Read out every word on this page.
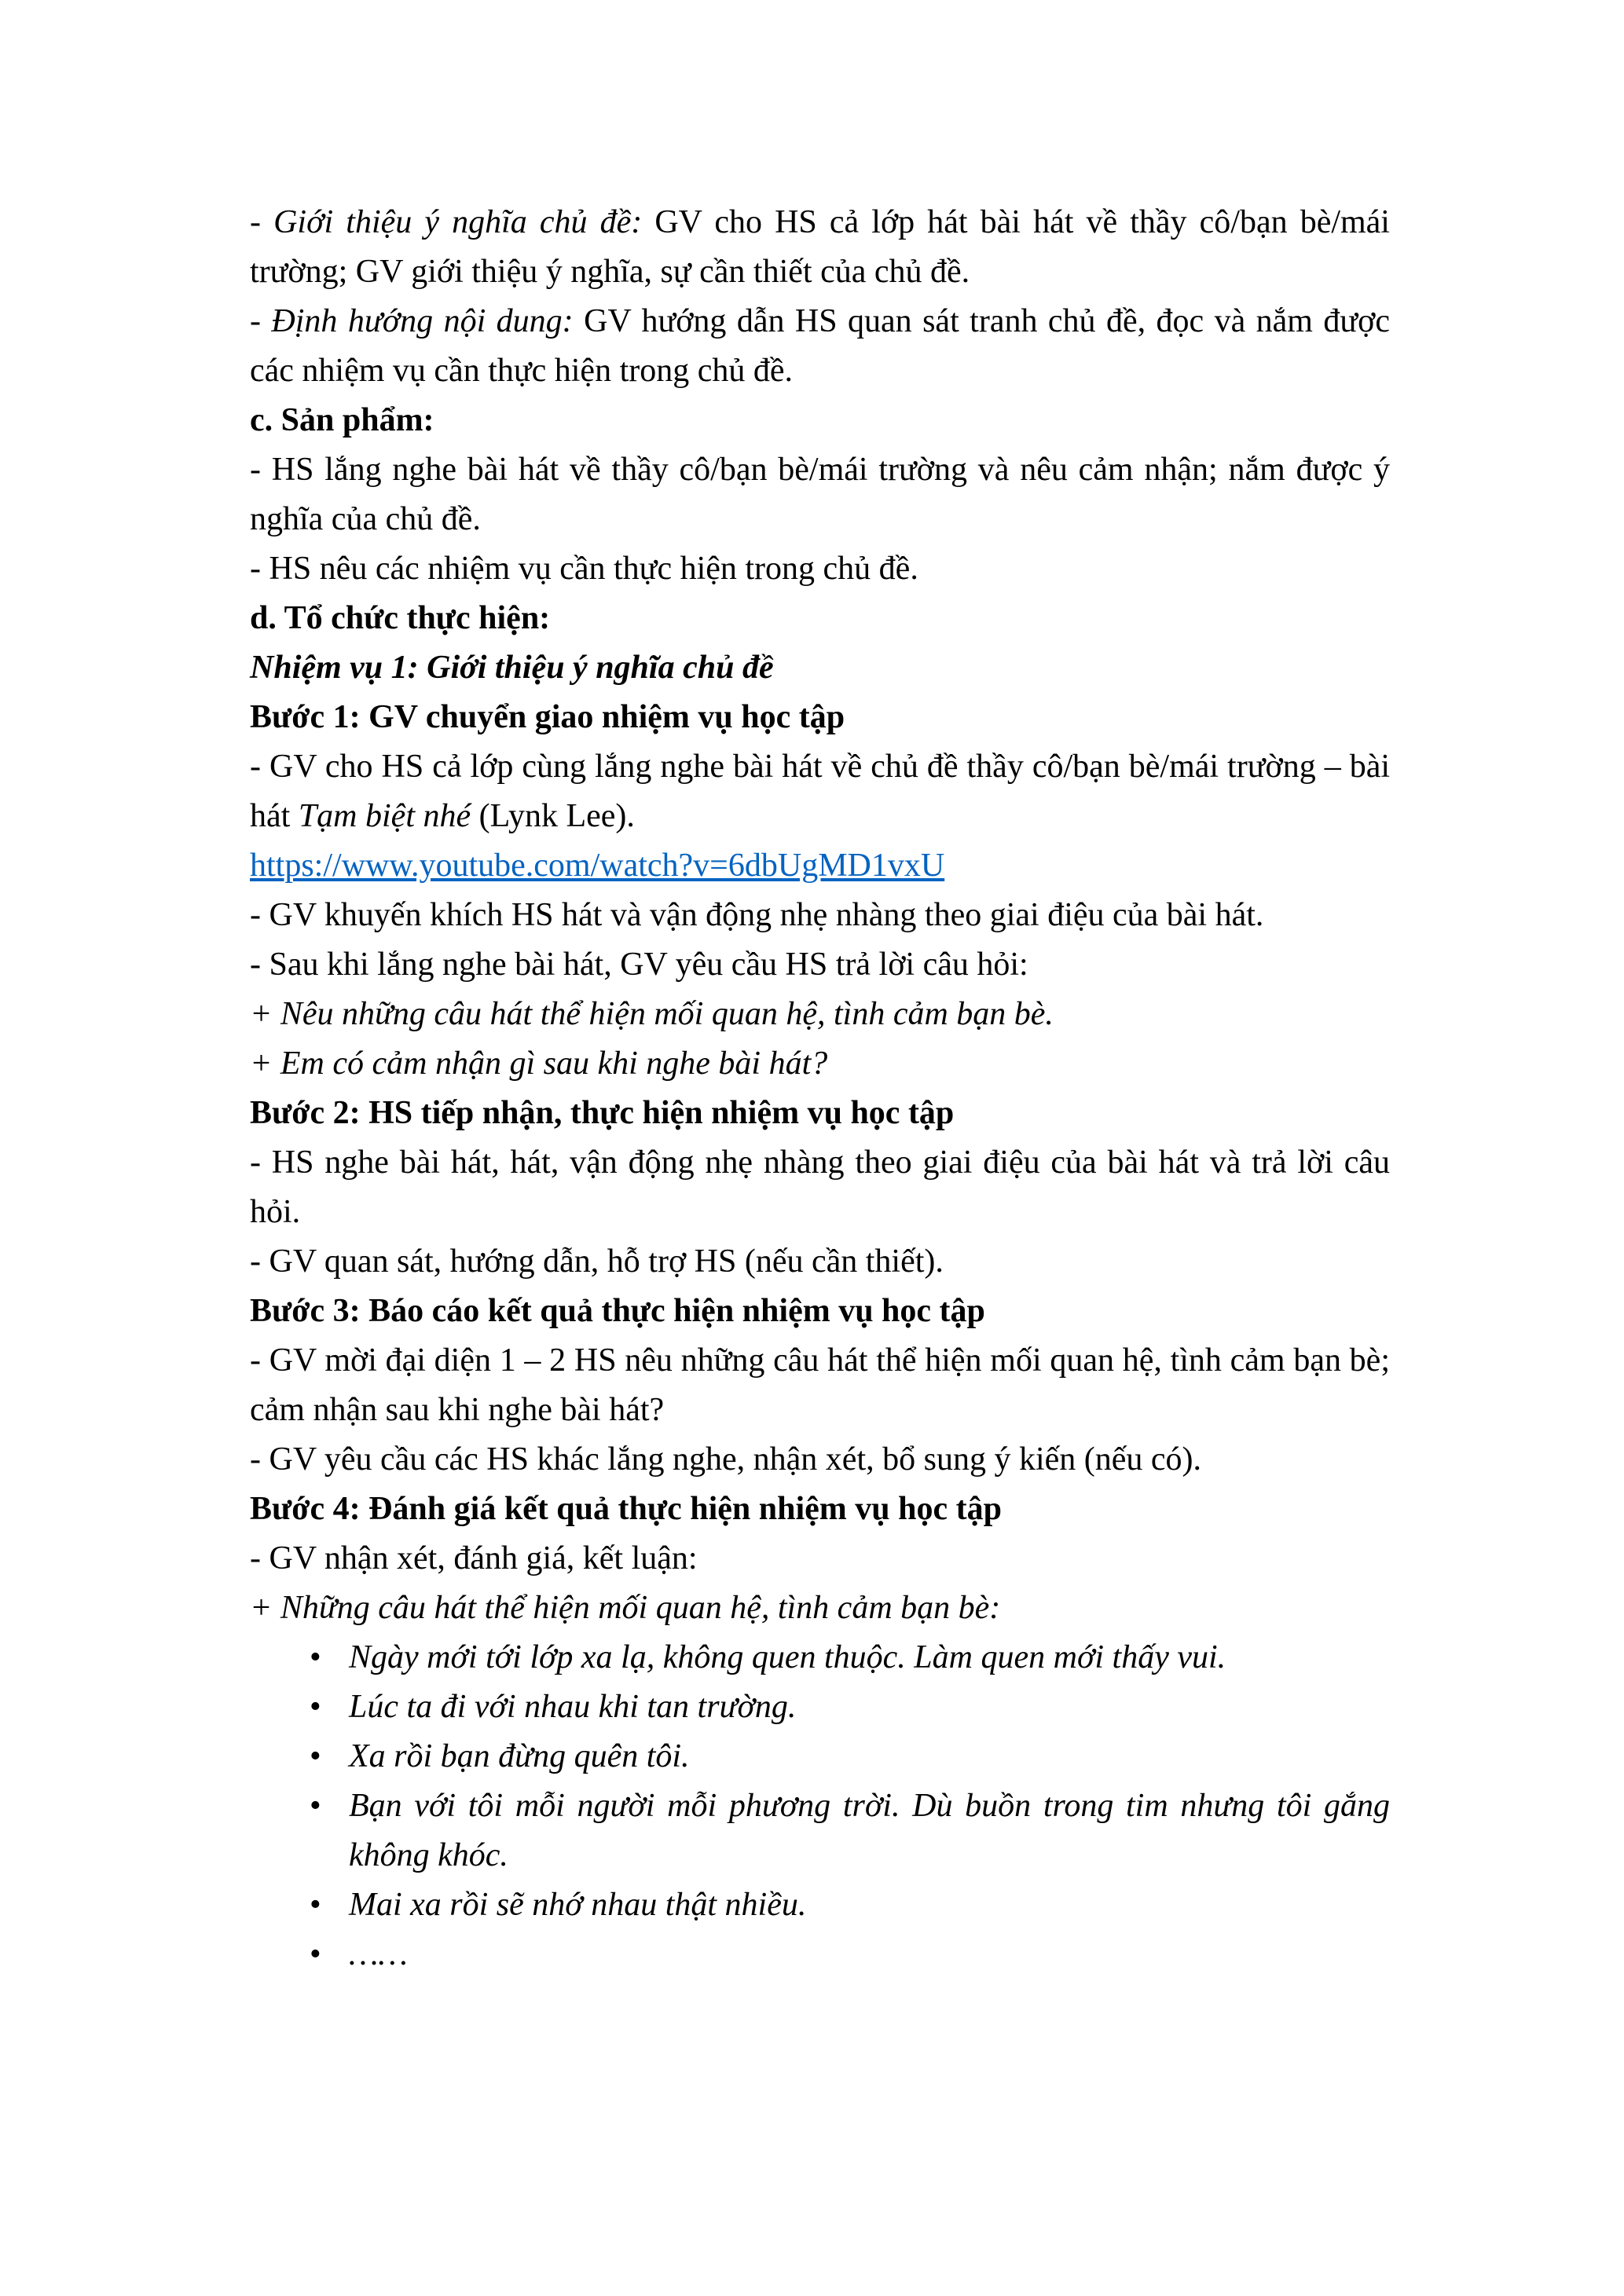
- Giới thiệu ý nghĩa chủ đề: GV cho HS cả lớp hát bài hát về thầy cô/bạn bè/mái trường; GV giới thiệu ý nghĩa, sự cần thiết của chủ đề.

- Định hướng nội dung: GV hướng dẫn HS quan sát tranh chủ đề, đọc và nắm được các nhiệm vụ cần thực hiện trong chủ đề.

c. Sản phẩm:

- HS lắng nghe bài hát về thầy cô/bạn bè/mái trường và nêu cảm nhận; nắm được ý nghĩa của chủ đề.

- HS nêu các nhiệm vụ cần thực hiện trong chủ đề.

d. Tổ chức thực hiện:

Nhiệm vụ 1: Giới thiệu ý nghĩa chủ đề

Bước 1: GV chuyển giao nhiệm vụ học tập

- GV cho HS cả lớp cùng lắng nghe bài hát về chủ đề thầy cô/bạn bè/mái trường – bài hát Tạm biệt nhé (Lynk Lee).

https://www.youtube.com/watch?v=6dbUgMD1vxU

- GV khuyến khích HS hát và vận động nhẹ nhàng theo giai điệu của bài hát.

- Sau khi lắng nghe bài hát, GV yêu cầu HS trả lời câu hỏi:

+ Nêu những câu hát thể hiện mối quan hệ, tình cảm bạn bè.

+ Em có cảm nhận gì sau khi nghe bài hát?

Bước 2: HS tiếp nhận, thực hiện nhiệm vụ học tập

- HS nghe bài hát, hát, vận động nhẹ nhàng theo giai điệu của bài hát và trả lời câu hỏi.

- GV quan sát, hướng dẫn, hỗ trợ HS (nếu cần thiết).

Bước 3: Báo cáo kết quả thực hiện nhiệm vụ học tập

- GV mời đại diện 1 – 2 HS nêu những câu hát thể hiện mối quan hệ, tình cảm bạn bè; cảm nhận sau khi nghe bài hát?

- GV yêu cầu các HS khác lắng nghe, nhận xét, bổ sung ý kiến (nếu có).

Bước 4: Đánh giá kết quả thực hiện nhiệm vụ học tập

- GV nhận xét, đánh giá, kết luận:

+ Những câu hát thể hiện mối quan hệ, tình cảm bạn bè:

• Ngày mới tới lớp xa lạ, không quen thuộc. Làm quen mới thấy vui.

• Lúc ta đi với nhau khi tan trường.

• Xa rồi bạn đừng quên tôi.

• Bạn với tôi mỗi người mỗi phương trời. Dù buồn trong tim nhưng tôi gắng không khóc.

• Mai xa rồi sẽ nhớ nhau thật nhiều.

• ……
